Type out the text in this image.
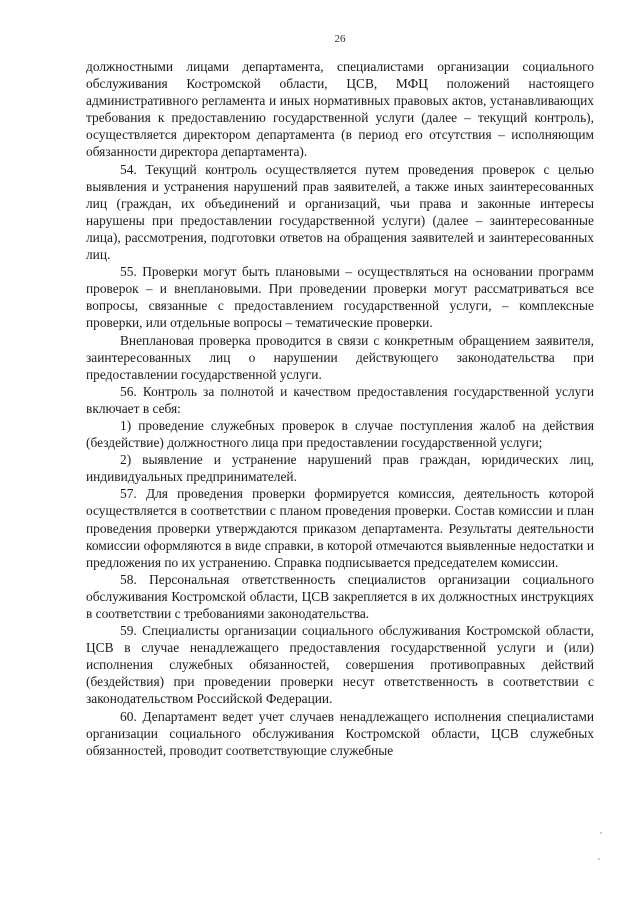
26

должностными лицами департамента, специалистами организации социального обслуживания Костромской области, ЦСВ, МФЦ положений настоящего административного регламента и иных нормативных правовых актов, устанавливающих требования к предоставлению государственной услуги (далее – текущий контроль), осуществляется директором департамента (в период его отсутствия – исполняющим обязанности директора департамента).

54. Текущий контроль осуществляется путем проведения проверок с целью выявления и устранения нарушений прав заявителей, а также иных заинтересованных лиц (граждан, их объединений и организаций, чьи права и законные интересы нарушены при предоставлении государственной услуги) (далее – заинтересованные лица), рассмотрения, подготовки ответов на обращения заявителей и заинтересованных лиц.

55. Проверки могут быть плановыми – осуществляться на основании программ проверок – и внеплановыми. При проведении проверки могут рассматриваться все вопросы, связанные с предоставлением государственной услуги, – комплексные проверки, или отдельные вопросы – тематические проверки.

Внеплановая проверка проводится в связи с конкретным обращением заявителя, заинтересованных лиц о нарушении действующего законодательства при предоставлении государственной услуги.

56. Контроль за полнотой и качеством предоставления государственной услуги включает в себя:

1) проведение служебных проверок в случае поступления жалоб на действия (бездействие) должностного лица при предоставлении государственной услуги;

2) выявление и устранение нарушений прав граждан, юридических лиц, индивидуальных предпринимателей.

57. Для проведения проверки формируется комиссия, деятельность которой осуществляется в соответствии с планом проведения проверки. Состав комиссии и план проведения проверки утверждаются приказом департамента. Результаты деятельности комиссии оформляются в виде справки, в которой отмечаются выявленные недостатки и предложения по их устранению. Справка подписывается председателем комиссии.

58. Персональная ответственность специалистов организации социального обслуживания Костромской области, ЦСВ закрепляется в их должностных инструкциях в соответствии с требованиями законодательства.

59. Специалисты организации социального обслуживания Костромской области, ЦСВ в случае ненадлежащего предоставления государственной услуги и (или) исполнения служебных обязанностей, совершения противоправных действий (бездействия) при проведении проверки несут ответственность в соответствии с законодательством Российской Федерации.

60. Департамент ведет учет случаев ненадлежащего исполнения специалистами организации социального обслуживания Костромской области, ЦСВ служебных обязанностей, проводит соответствующие служебные
